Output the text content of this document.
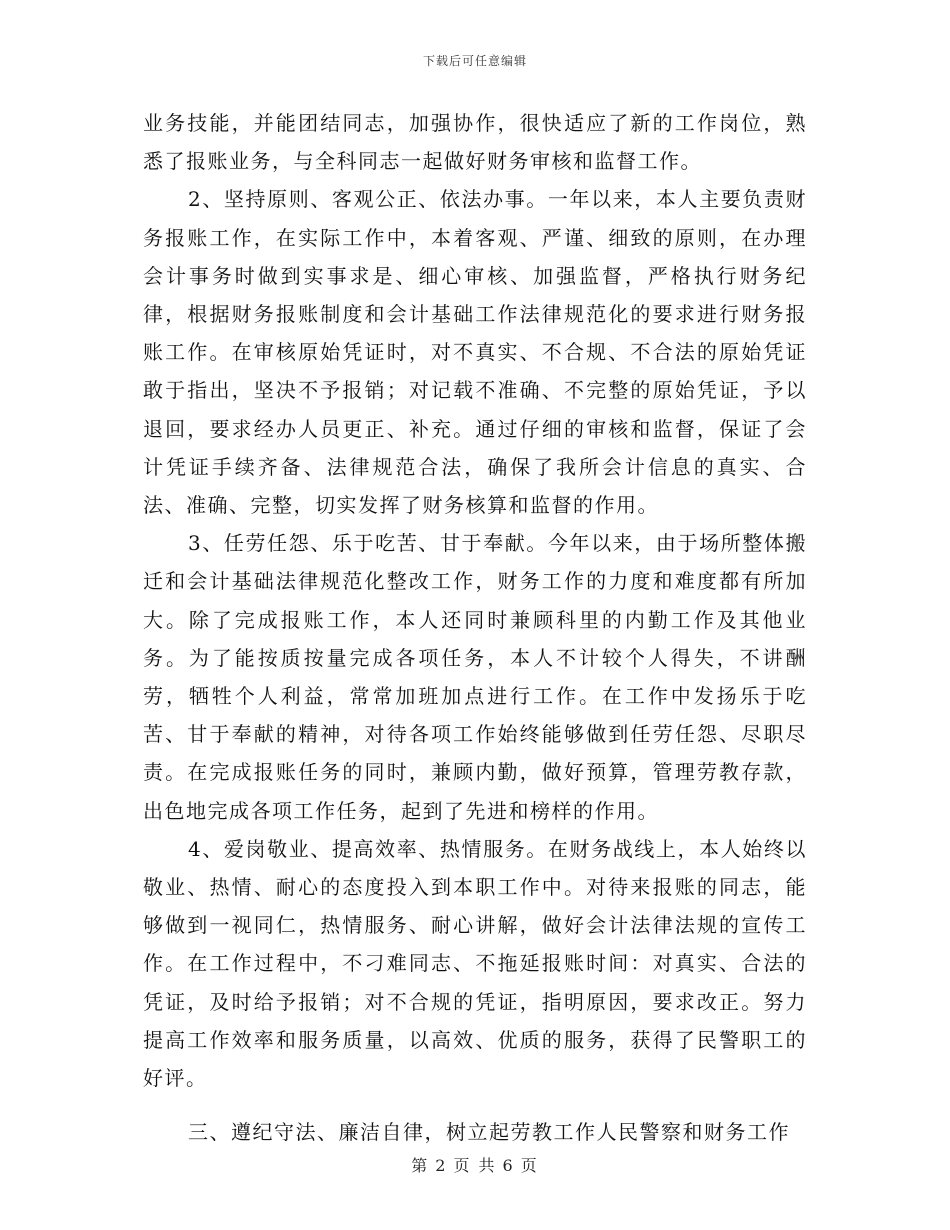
下载后可任意编辑

业务技能，并能团结同志，加强协作，很快适应了新的工作岗位，熟悉了报账业务，与全科同志一起做好财务审核和监督工作。

2、坚持原则、客观公正、依法办事。一年以来，本人主要负责财务报账工作，在实际工作中，本着客观、严谨、细致的原则，在办理会计事务时做到实事求是、细心审核、加强监督，严格执行财务纪律，根据财务报账制度和会计基础工作法律规范化的要求进行财务报账工作。在审核原始凭证时，对不真实、不合规、不合法的原始凭证敢于指出，坚决不予报销；对记载不准确、不完整的原始凭证，予以退回，要求经办人员更正、补充。通过仔细的审核和监督，保证了会计凭证手续齐备、法律规范合法，确保了我所会计信息的真实、合法、准确、完整，切实发挥了财务核算和监督的作用。

3、任劳任怨、乐于吃苦、甘于奉献。今年以来，由于场所整体搬迁和会计基础法律规范化整改工作，财务工作的力度和难度都有所加大。除了完成报账工作，本人还同时兼顾科里的内勤工作及其他业务。为了能按质按量完成各项任务，本人不计较个人得失，不讲酬劳，牺牲个人利益，常常加班加点进行工作。在工作中发扬乐于吃苦、甘于奉献的精神，对待各项工作始终能够做到任劳任怨、尽职尽责。在完成报账任务的同时，兼顾内勤，做好预算，管理劳教存款，出色地完成各项工作任务，起到了先进和榜样的作用。

4、爱岗敬业、提高效率、热情服务。在财务战线上，本人始终以敬业、热情、耐心的态度投入到本职工作中。对待来报账的同志，能够做到一视同仁，热情服务、耐心讲解，做好会计法律法规的宣传工作。在工作过程中，不刁难同志、不拖延报账时间：对真实、合法的凭证，及时给予报销；对不合规的凭证，指明原因，要求改正。努力提高工作效率和服务质量，以高效、优质的服务，获得了民警职工的好评。

三、遵纪守法、廉洁自律，树立起劳教工作人民警察和财务工作

第 2 页 共 6 页
